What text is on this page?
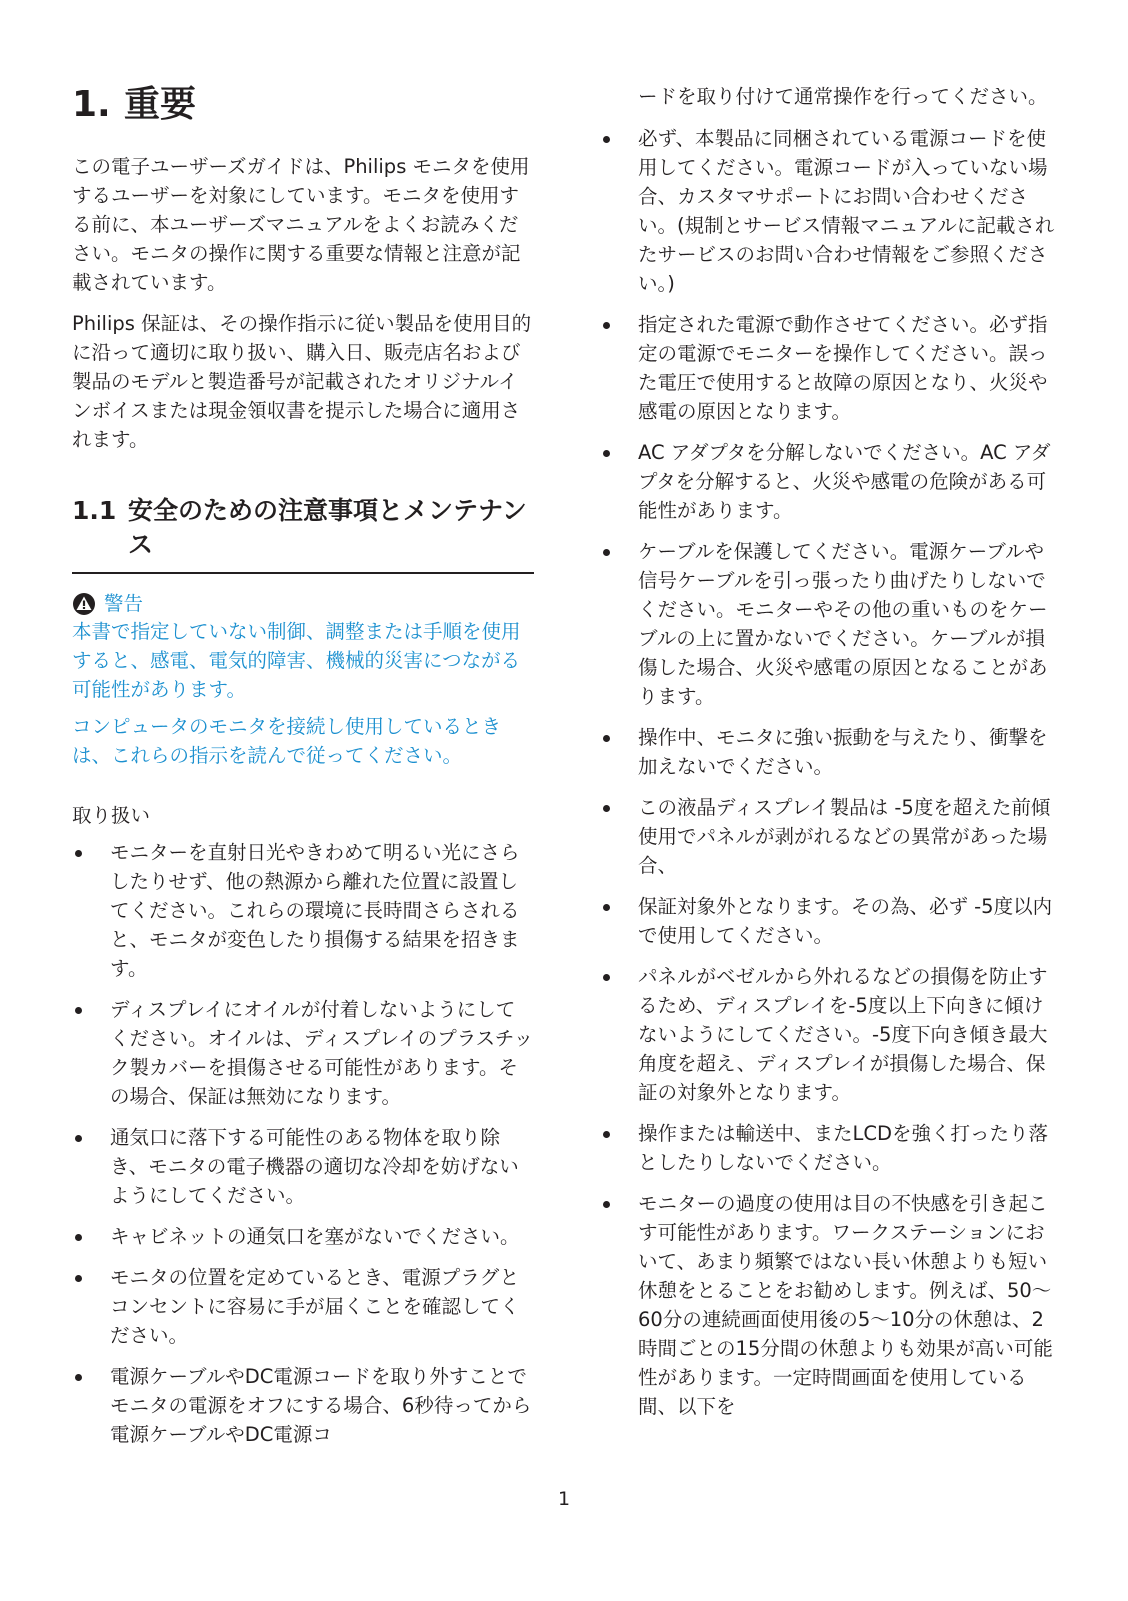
1. 重要

この電子ユーザーズガイドは、Philips モニタを使用するユーザーを対象にしています。モニタを使用する前に、本ユーザーズマニュアルをよくお読みください。モニタの操作に関する重要な情報と注意が記載されています。

Philips 保証は、その操作指示に従い製品を使用目的に沿って適切に取り扱い、購入日、販売店名および製品のモデルと製造番号が記載されたオリジナルインボイスまたは現金領収書を提示した場合に適用されます。

1.1 安全のための注意事項とメンテナンス
警告

本書で指定していない制御、調整または手順を使用すると、感電、電気的障害、機械的災害につながる可能性があります。

コンピュータのモニタを接続し使用しているときは、これらの指示を読んで従ってください。

取り扱い
モニターを直射日光やきわめて明るい光にさらしたりせず、他の熱源から離れた位置に設置してください。これらの環境に長時間さらされると、モニタが変色したり損傷する結果を招きます。
ディスプレイにオイルが付着しないようにしてください。オイルは、ディスプレイのプラスチック製カバーを損傷させる可能性があります。その場合、保証は無効になります。
通気口に落下する可能性のある物体を取り除き、モニタの電子機器の適切な冷却を妨げないようにしてください。
キャビネットの通気口を塞がないでください。
モニタの位置を定めているとき、電源プラグとコンセントに容易に手が届くことを確認してください。
電源ケーブルやDC電源コードを取り外すことでモニタの電源をオフにする場合、6秒待ってから電源ケーブルやDC電源コ
ードを取り付けて通常操作を行ってください。
必ず、本製品に同梱されている電源コードを使用してください。電源コードが入っていない場合、カスタマサポートにお問い合わせください。(規制とサービス情報マニュアルに記載されたサービスのお問い合わせ情報をご参照ください。)
指定された電源で動作させてください。必ず指定の電源でモニターを操作してください。誤った電圧で使用すると故障の原因となり、火災や感電の原因となります。
AC アダプタを分解しないでください。AC アダプタを分解すると、火災や感電の危険がある可能性があります。
ケーブルを保護してください。電源ケーブルや信号ケーブルを引っ張ったり曲げたりしないでください。モニターやその他の重いものをケーブルの上に置かないでください。ケーブルが損傷した場合、火災や感電の原因となることがあります。
操作中、モニタに強い振動を与えたり、衝撃を加えないでください。
この液晶ディスプレイ製品は -5度を超えた前傾使用でパネルが剥がれるなどの異常があった場合、
保証対象外となります。その為、必ず -5度以内で使用してください。
パネルがベゼルから外れるなどの損傷を防止するため、ディスプレイを-5度以上下向きに傾けないようにしてください。-5度下向き傾き最大角度を超え、ディスプレイが損傷した場合、保証の対象外となります。
操作または輸送中、またLCDを強く打ったり落としたりしないでください。
モニターの過度の使用は目の不快感を引き起こす可能性があります。ワークステーションにおいて、あまり頻繁ではない長い休憩よりも短い休憩をとることをお勧めします。例えば、50〜60分の連続画面使用後の5〜10分の休憩は、2時間ごとの15分間の休憩よりも効果が高い可能性があります。一定時間画面を使用している間、以下を
1
